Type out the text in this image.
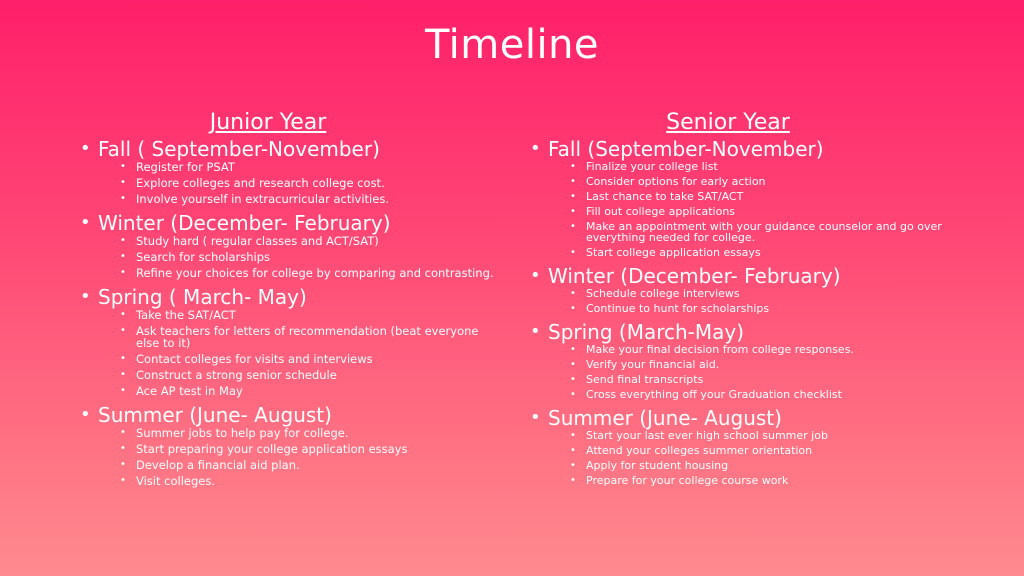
Timeline
Junior Year
• Fall ( September-November)
• Register for PSAT
• Explore colleges and research college cost.
• Involve yourself in extracurricular activities.
• Winter (December- February)
• Study hard ( regular classes and ACT/SAT)
• Search for scholarships
• Refine your choices for college by comparing and contrasting.
• Spring ( March- May)
• Take the SAT/ACT
• Ask teachers for letters of recommendation (beat everyone else to it)
• Contact colleges for visits and interviews
• Construct a strong senior schedule
• Ace AP test in May
• Summer (June- August)
• Summer jobs to help pay for college.
• Start preparing your college application essays
• Develop a financial aid plan.
• Visit colleges.
Senior Year
• Fall (September-November)
• Finalize your college list
• Consider options for early action
• Last chance to take SAT/ACT
• Fill out college applications
• Make an appointment with your guidance counselor and go over everything needed for college.
• Start college application essays
• Winter (December- February)
• Schedule college interviews
• Continue to hunt for scholarships
• Spring (March-May)
• Make your final decision from college responses.
• Verify your financial aid.
• Send final transcripts
• Cross everything off your Graduation checklist
• Summer (June- August)
• Start your last ever high school summer job
• Attend your colleges summer orientation
• Apply for student housing
• Prepare for your college course work
